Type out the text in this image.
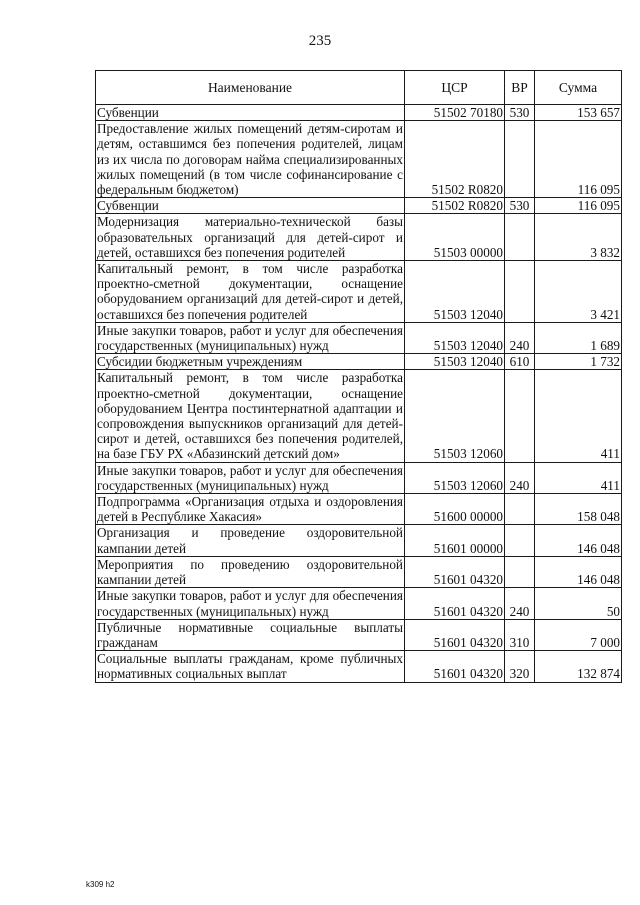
235
Наименование	ЦСР	ВР	Сумма
Субвенции	51502 70180	530	153 657
Предоставление жилых помещений детям-сиротам и детям, оставшимся без попечения родителей, лицам из их числа по договорам найма специализированных жилых помещений (в том числе софинансирование с федеральным бюджетом)	51502 R0820		116 095
Субвенции	51502 R0820	530	116 095
Модернизация материально-технической базы образовательных организаций для детей-сирот и детей, оставшихся без попечения родителей	51503 00000		3 832
Капитальный ремонт, в том числе разработка проектно-сметной документации, оснащение оборудованием организаций для детей-сирот и детей, оставшихся без попечения родителей	51503 12040		3 421
Иные закупки товаров, работ и услуг для обеспечения государственных (муниципальных) нужд	51503 12040	240	1 689
Субсидии бюджетным учреждениям	51503 12040	610	1 732
Капитальный ремонт, в том числе разработка проектно-сметной документации, оснащение оборудованием Центра постинтернатной адаптации и сопровождения выпускников организаций для детей-сирот и детей, оставшихся без попечения родителей, на базе ГБУ РХ «Абазинский детский дом»	51503 12060		411
Иные закупки товаров, работ и услуг для обеспечения государственных (муниципальных) нужд	51503 12060	240	411
Подпрограмма «Организация отдыха и оздоровления детей в Республике Хакасия»	51600 00000		158 048
Организация и проведение оздоровительной кампании детей	51601 00000		146 048
Мероприятия по проведению оздоровительной кампании детей	51601 04320		146 048
Иные закупки товаров, работ и услуг для обеспечения государственных (муниципальных) нужд	51601 04320	240	50
Публичные нормативные социальные выплаты гражданам	51601 04320	310	7 000
Социальные выплаты гражданам, кроме публичных нормативных социальных выплат	51601 04320	320	132 874
k309 h2
